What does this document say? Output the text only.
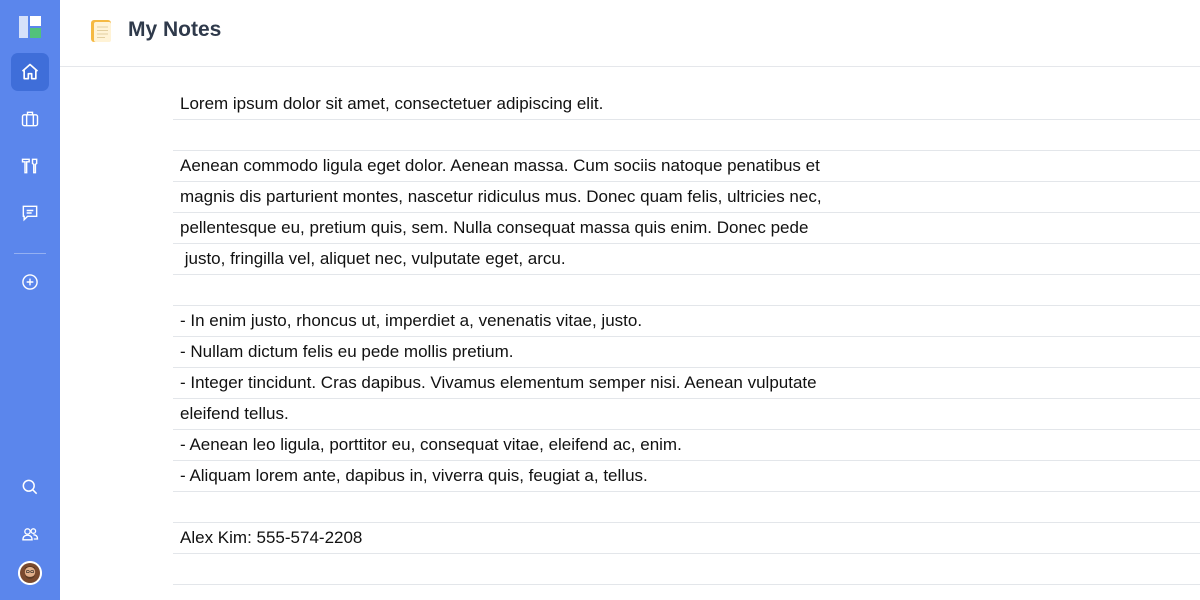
My Notes
Lorem ipsum dolor sit amet, consectetuer adipiscing elit.
Aenean commodo ligula eget dolor. Aenean massa. Cum sociis natoque penatibus et
magnis dis parturient montes, nascetur ridiculus mus. Donec quam felis, ultricies nec,
pellentesque eu, pretium quis, sem. Nulla consequat massa quis enim. Donec pede
justo, fringilla vel, aliquet nec, vulputate eget, arcu.
- In enim justo, rhoncus ut, imperdiet a, venenatis vitae, justo.
- Nullam dictum felis eu pede mollis pretium.
- Integer tincidunt. Cras dapibus. Vivamus elementum semper nisi. Aenean vulputate
eleifend tellus.
- Aenean leo ligula, porttitor eu, consequat vitae, eleifend ac, enim.
- Aliquam lorem ante, dapibus in, viverra quis, feugiat a, tellus.
Alex Kim: 555-574-2208
